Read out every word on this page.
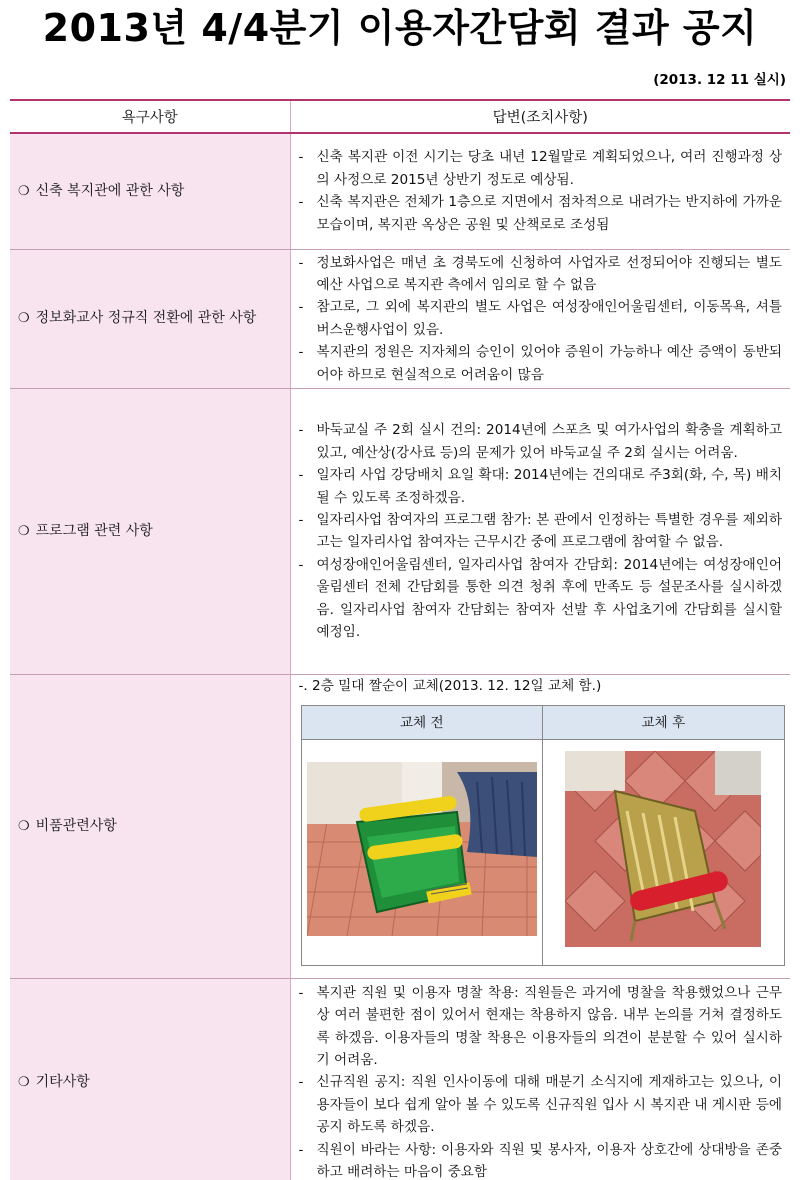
2013년 4/4분기 이용자간담회 결과 공지
(2013. 12 11 실시)
욕구사항	답변(조치사항)
❍ 신축 복지관에 관한 사항	
- 신축 복지관 이전 시기는 당초 내년 12월말로 계획되었으나, 여러 진행과정 상의 사정으로 2015년 상반기 정도로 예상됨.
- 신축 복지관은 전체가 1층으로 지면에서 점차적으로 내려가는 반지하에 가까운 모습이며, 복지관 옥상은 공원 및 산책로로 조성됨

❍ 정보화교사 정규직 전환에 관한 사항	
- 정보화사업은 매년 초 경북도에 신청하여 사업자로 선정되어야 진행되는 별도예산 사업으로 복지관 측에서 임의로 할 수 없음
- 참고로, 그 외에 복지관의 별도 사업은 여성장애인어울림센터, 이동목욕, 셔틀버스운행사업이 있음.
- 복지관의 정원은 지자체의 승인이 있어야 증원이 가능하나 예산 증액이 동반되어야 하므로 현실적으로 어려움이 많음

❍ 프로그램 관련 사항	
- 바둑교실 주 2회 실시 건의: 2014년에 스포츠 및 여가사업의 확충을 계획하고 있고, 예산상(강사료 등)의 문제가 있어 바둑교실 주 2회 실시는 어려움.
- 일자리 사업 강당배치 요일 확대: 2014년에는 건의대로 주3회(화, 수, 목) 배치될 수 있도록 조정하겠음.
- 일자리사업 참여자의 프로그램 참가: 본 관에서 인정하는 특별한 경우를 제외하고는 일자리사업 참여자는 근무시간 중에 프로그램에 참여할 수 없음.
- 여성장애인어울림센터, 일자리사업 참여자 간담회: 2014년에는 여성장애인어울림센터 전체 간담회를 통한 의견 청취 후에 만족도 등 설문조사를 실시하겠음. 일자리사업 참여자 간담회는 참여자 선발 후 사업초기에 간담회를 실시할 예정임.

❍ 비품관련사항	
-. 2층 밀대 짤순이 교체(2013. 12. 12일 교체 함.)
교체 전	교체 후

❍ 기타사항	
- 복지관 직원 및 이용자 명찰 착용: 직원들은 과거에 명찰을 착용했었으나 근무 상 여러 불편한 점이 있어서 현재는 착용하지 않음. 내부 논의를 거쳐 결정하도록 하겠음. 이용자들의 명찰 착용은 이용자들의 의견이 분분할 수 있어 실시하기 어려움.
- 신규직원 공지: 직원 인사이동에 대해 매분기 소식지에 게재하고는 있으나, 이용자들이 보다 쉽게 알아 볼 수 있도록 신규직원 입사 시 복지관 내 게시판 등에 공지 하도록 하겠음.
- 직원이 바라는 사항: 이용자와 직원 및 봉사자, 이용자 상호간에 상대방을 존중하고 배려하는 마음이 중요함
